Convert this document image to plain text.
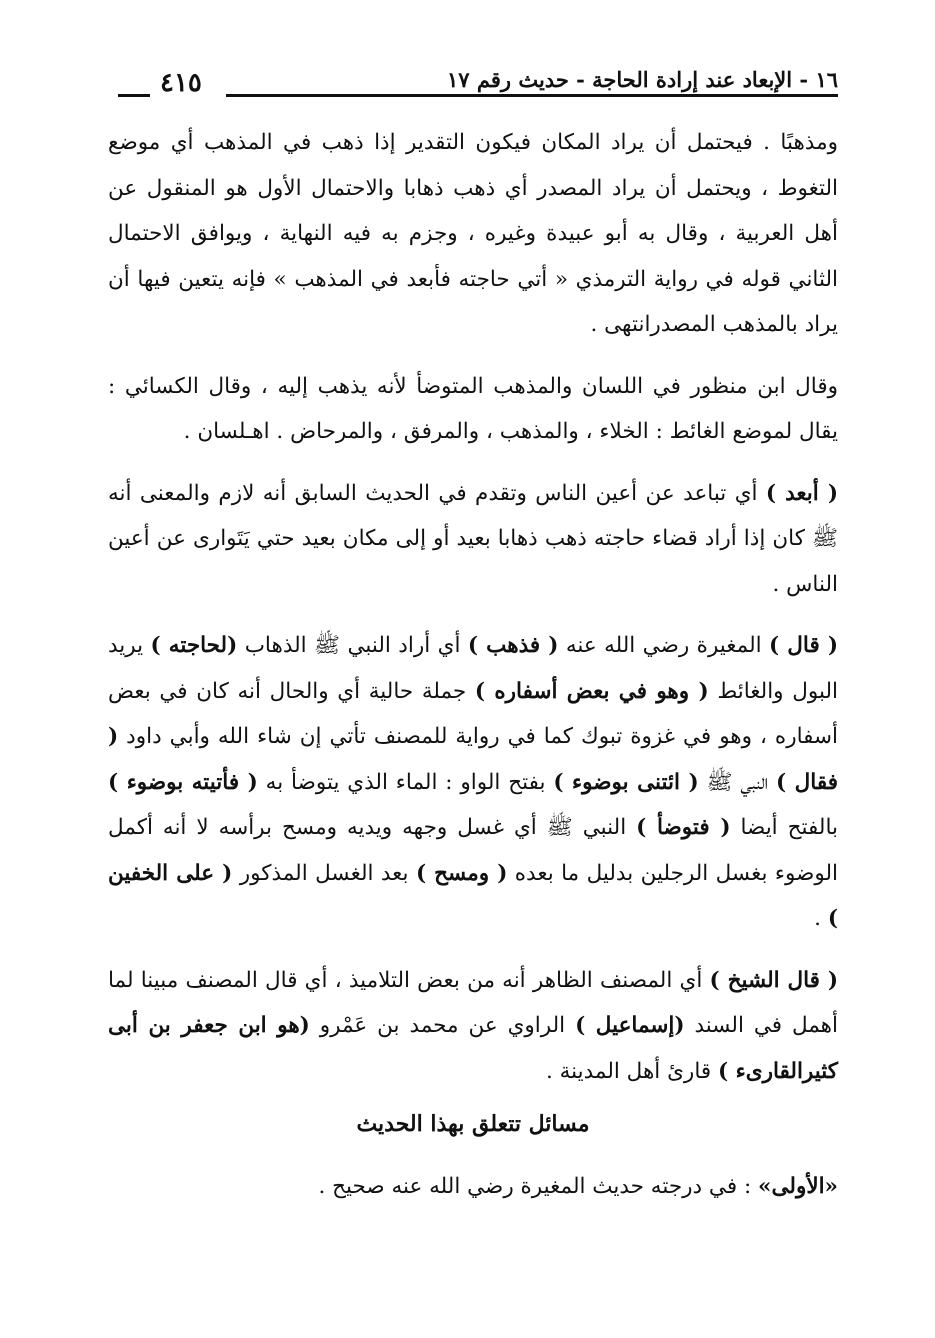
١٦ - الإبعاد عند إرادة الحاجة - حديث رقم ١٧
٤١٥

ومذهبًا . فيحتمل أن يراد المكان فيكون التقدير إذا ذهب في المذهب أي موضع التغوط ، ويحتمل أن يراد المصدر أي ذهب ذهابا والاحتمال الأول هو المنقول عن أهل العربية ، وقال به أبو عبيدة وغيره ، وجزم به فيه النهاية ، ويوافق الاحتمال الثاني قوله في رواية الترمذي « أتي حاجته فأبعد في المذهب » فإنه يتعين فيها أن يراد بالمذهب المصدرانتهى .

وقال ابن منظور في اللسان والمذهب المتوضأ لأنه يذهب إليه ، وقال الكسائي : يقال لموضع الغائط : الخلاء ، والمذهب ، والمرفق ، والمرحاض . اهـلسان .

( أبعد ) أي تباعد عن أعين الناس وتقدم في الحديث السابق أنه لازم والمعنى أنه ﷺ كان إذا أراد قضاء حاجته ذهب ذهابا بعيد أو إلى مكان بعيد حتي يَتَوارى عن أعين الناس .

( قال ) المغيرة رضي الله عنه ( فذهب ) أي أراد النبي ﷺ الذهاب (لحاجته ) يريد البول والغائط ( وهو في بعض أسفاره ) جملة حالية أي والحال أنه كان في بعض أسفاره ، وهو في غزوة تبوك كما في رواية للمصنف تأتي إن شاء الله وأبي داود ( فقال ) النبي ﷺ ( ائتنى بوضوء ) بفتح الواو : الماء الذي يتوضأ به ( فأتيته بوضوء ) بالفتح أيضا ( فتوضأ ) النبي ﷺ أي غسل وجهه ويديه ومسح برأسه لا أنه أكمل الوضوء بغسل الرجلين بدليل ما بعده ( ومسح ) بعد الغسل المذكور ( على الخفين ) .

( قال الشيخ ) أي المصنف الظاهر أنه من بعض التلاميذ ، أي قال المصنف مبينا لما أهمل في السند (إسماعيل ) الراوي عن محمد بن عَمْرو (هو ابن جعفر بن أبى كثيرالقارىء ) قارئ أهل المدينة .

مسائل تتعلق بهذا الحديث

«الأولى» : في درجته حديث المغيرة رضي الله عنه صحيح .
